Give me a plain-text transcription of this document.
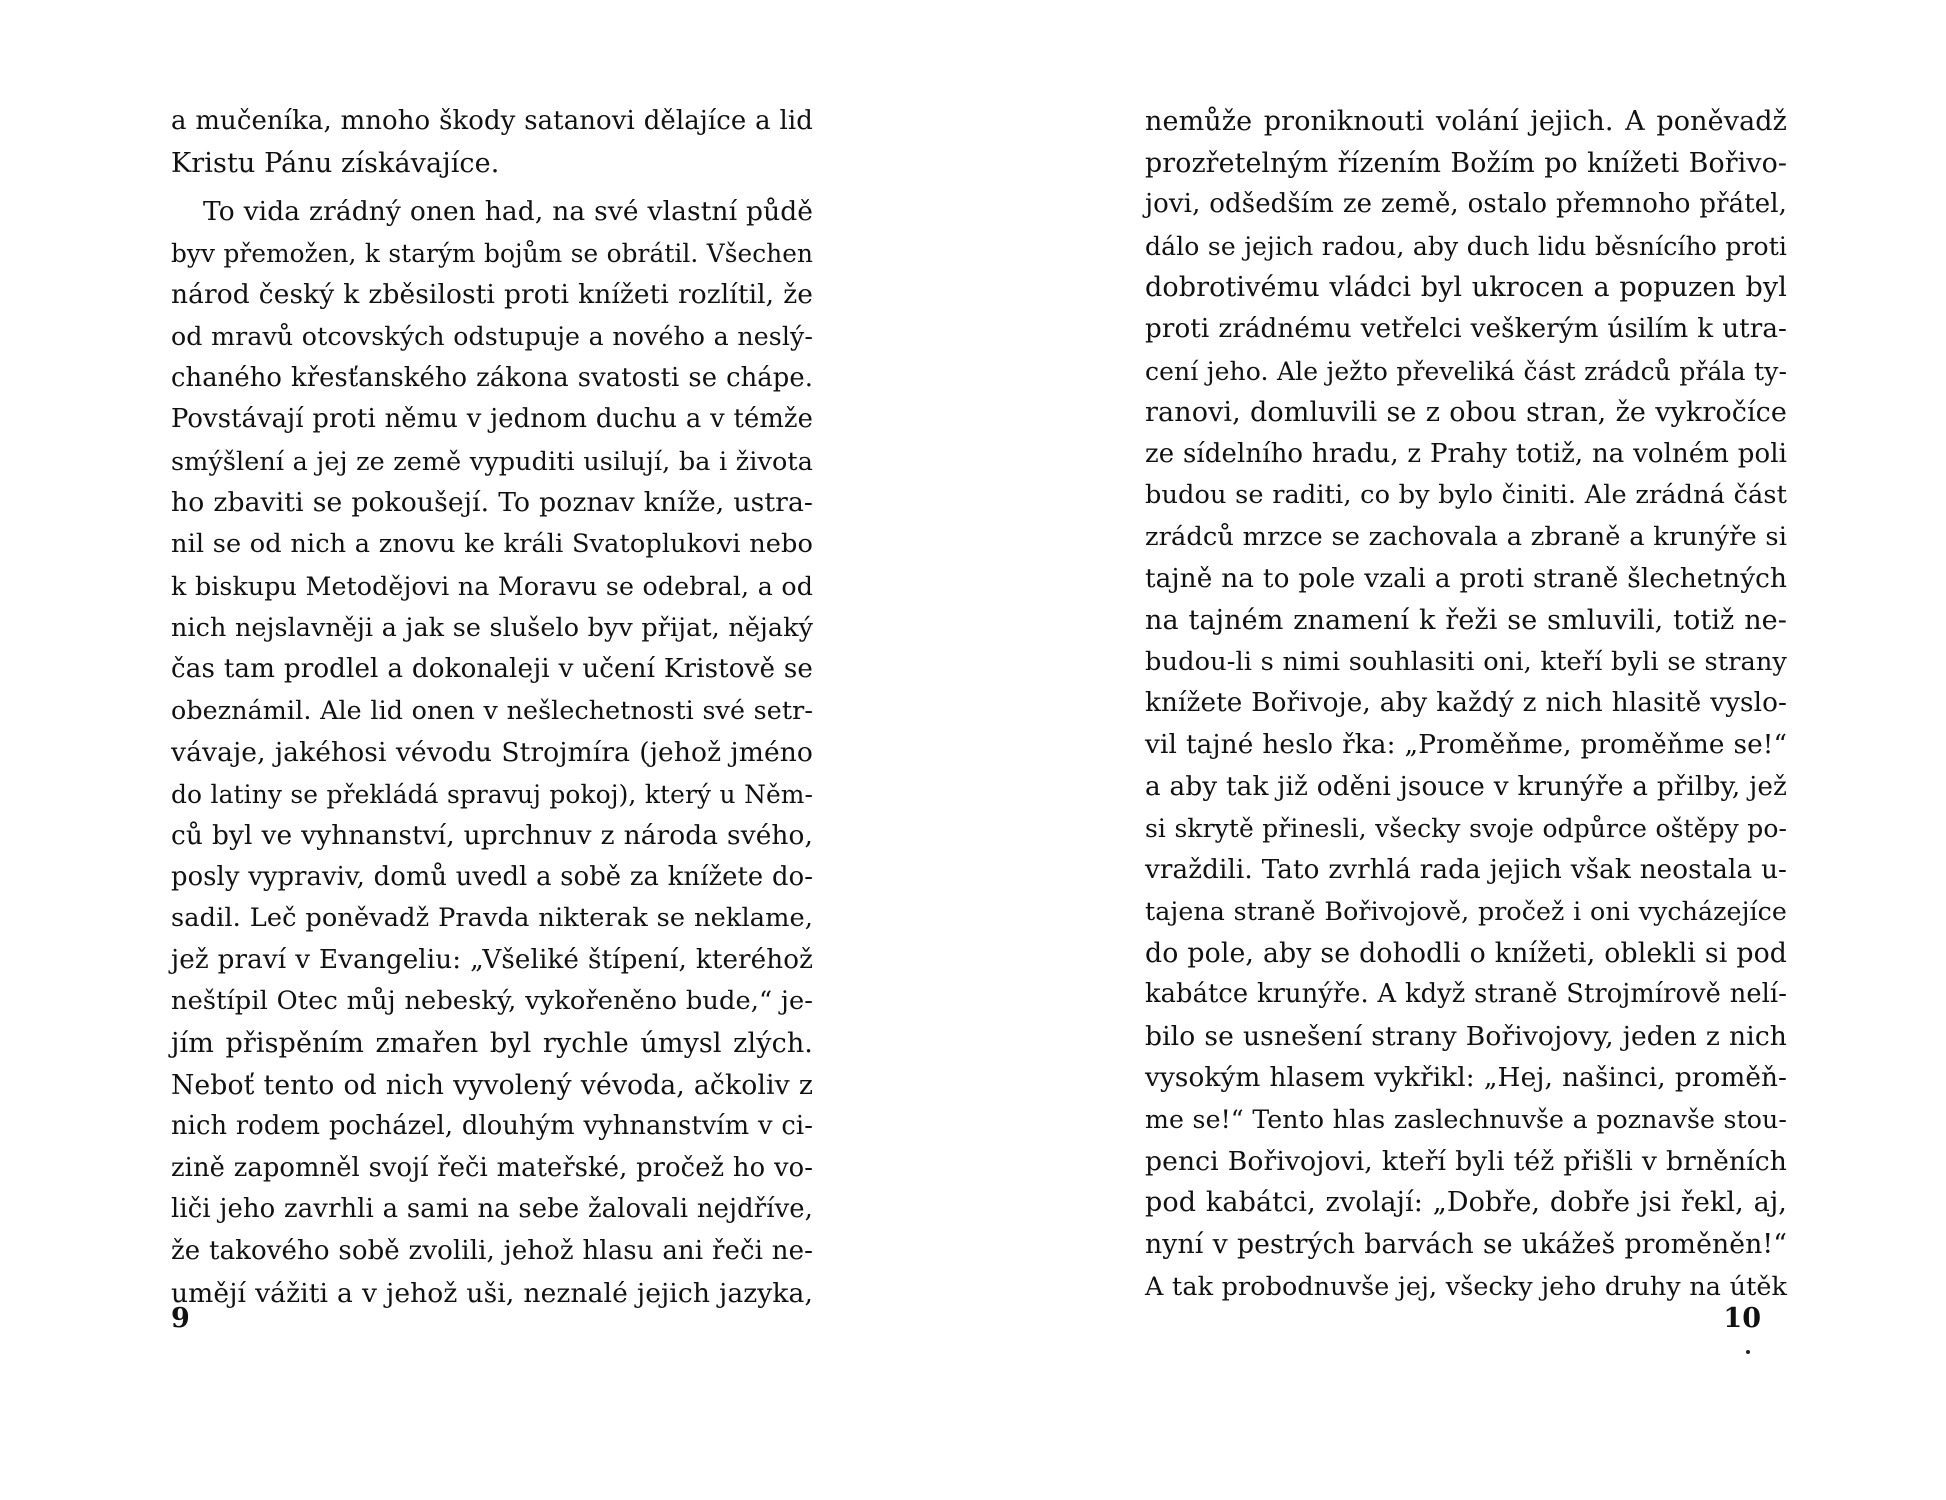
a mučeníka, mnoho škody satanovi dělajíce a lid
Kristu Pánu získávajíce.
To vida zrádný onen had, na své vlastní půdě
byv přemožen, k starým bojům se obrátil. Všechen
národ český k zběsilosti proti knížeti rozlítil, že
od mravů otcovských odstupuje a nového a neslý-
chaného křesťanského zákona svatosti se chápe.
Povstávají proti němu v jednom duchu a v témže
smýšlení a jej ze země vypuditi usilují, ba i života
ho zbaviti se pokoušejí. To poznav kníže, ustra-
nil se od nich a znovu ke králi Svatoplukovi nebo
k biskupu Metodějovi na Moravu se odebral, a od
nich nejslavněji a jak se slušelo byv přijat, nějaký
čas tam prodlel a dokonaleji v učení Kristově se
obeznámil. Ale lid onen v nešlechetnosti své setr-
vávaje, jakéhosi vévodu Strojmíra (jehož jméno
do latiny se překládá spravuj pokoj), který u Něm-
ců byl ve vyhnanství, uprchnuv z národa svého,
posly vypraviv, domů uvedl a sobě za knížete do-
sadil. Leč poněvadž Pravda nikterak se neklame,
jež praví v Evangeliu: „Všeliké štípení, kteréhož
neštípil Otec můj nebeský, vykořeněno bude,“ je-
jím přispěním zmařen byl rychle úmysl zlých.
Neboť tento od nich vyvolený vévoda, ačkoliv z
nich rodem pocházel, dlouhým vyhnanstvím v ci-
zině zapomněl svojí řeči mateřské, pročež ho vo-
liči jeho zavrhli a sami na sebe žalovali nejdříve,
že takového sobě zvolili, jehož hlasu ani řeči ne-
umějí vážiti a v jehož uši, neznalé jejich jazyka,
9
nemůže proniknouti volání jejich. A poněvadž
prozřetelným řízením Božím po knížeti Bořivo-
jovi, odšedším ze země, ostalo přemnoho přátel,
dálo se jejich radou, aby duch lidu běsnícího proti
dobrotivému vládci byl ukrocen a popuzen byl
proti zrádnému vetřelci veškerým úsilím k utra-
cení jeho. Ale ježto převeliká část zrádců přála ty-
ranovi, domluvili se z obou stran, že vykročíce
ze sídelního hradu, z Prahy totiž, na volném poli
budou se raditi, co by bylo činiti. Ale zrádná část
zrádců mrzce se zachovala a zbraně a krunýře si
tajně na to pole vzali a proti straně šlechetných
na tajném znamení k řeži se smluvili, totiž ne-
budou-li s nimi souhlasiti oni, kteří byli se strany
knížete Bořivoje, aby každý z nich hlasitě vyslo-
vil tajné heslo řka: „Proměňme, proměňme se!“
a aby tak již oděni jsouce v krunýře a přilby, jež
si skrytě přinesli, všecky svoje odpůrce oštěpy po-
vraždili. Tato zvrhlá rada jejich však neostala u-
tajena straně Bořivojově, pročež i oni vycházejíce
do pole, aby se dohodli o knížeti, oblekli si pod
kabátce krunýře. A když straně Strojmírově nelí-
bilo se usnešení strany Bořivojovy, jeden z nich
vysokým hlasem vykřikl: „Hej, našinci, proměň-
me se!“ Tento hlas zaslechnuvše a poznavše stou-
penci Bořivojovi, kteří byli též přišli v brněních
pod kabátci, zvolají: „Dobře, dobře jsi řekl, aj,
nyní v pestrých barvách se ukážeš proměněn!“
A tak probodnuvše jej, všecky jeho druhy na útěk
10
